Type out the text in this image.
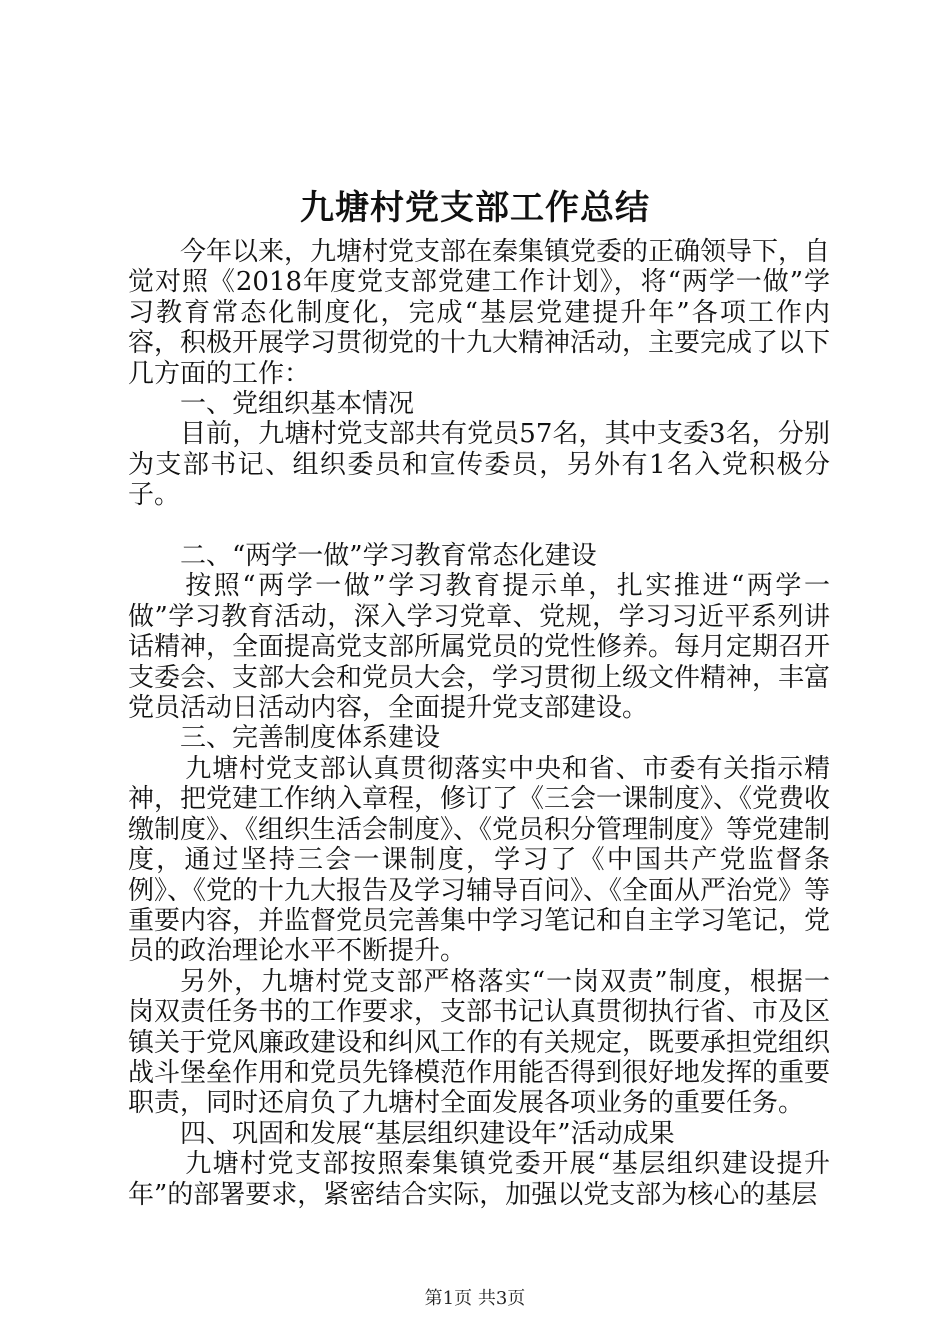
九塘村党支部工作总结

今年以来，九塘村党支部在秦集镇党委的正确领导下，自觉对照《2018年度党支部党建工作计划》，将“两学一做”学习教育常态化制度化，完成“基层党建提升年”各项工作内容，积极开展学习贯彻党的十九大精神活动，主要完成了以下几方面的工作：

一、党组织基本情况

目前，九塘村党支部共有党员57名，其中支委3名，分别为支部书记、组织委员和宣传委员，另外有1名入党积极分子。

二、“两学一做”学习教育常态化建设

按照“两学一做”学习教育提示单，扎实推进“两学一做”学习教育活动，深入学习党章、党规，学习习近平系列讲话精神，全面提高党支部所属党员的党性修养。每月定期召开支委会、支部大会和党员大会，学习贯彻上级文件精神，丰富党员活动日活动内容，全面提升党支部建设。

三、完善制度体系建设

九塘村党支部认真贯彻落实中央和省、市委有关指示精神，把党建工作纳入章程，修订了《三会一课制度》、《党费收缴制度》、《组织生活会制度》、《党员积分管理制度》等党建制度，通过坚持三会一课制度，学习了《中国共产党监督条例》、《党的十九大报告及学习辅导百问》、《全面从严治党》等重要内容，并监督党员完善集中学习笔记和自主学习笔记，党员的政治理论水平不断提升。

另外，九塘村党支部严格落实“一岗双责”制度，根据一岗双责任务书的工作要求，支部书记认真贯彻执行省、市及区镇关于党风廉政建设和纠风工作的有关规定，既要承担党组织战斗堡垒作用和党员先锋模范作用能否得到很好地发挥的重要职责，同时还肩负了九塘村全面发展各项业务的重要任务。

四、巩固和发展“基层组织建设年”活动成果

九塘村党支部按照秦集镇党委开展“基层组织建设提升年”的部署要求，紧密结合实际，加强以党支部为核心的基层

第1页 共3页
